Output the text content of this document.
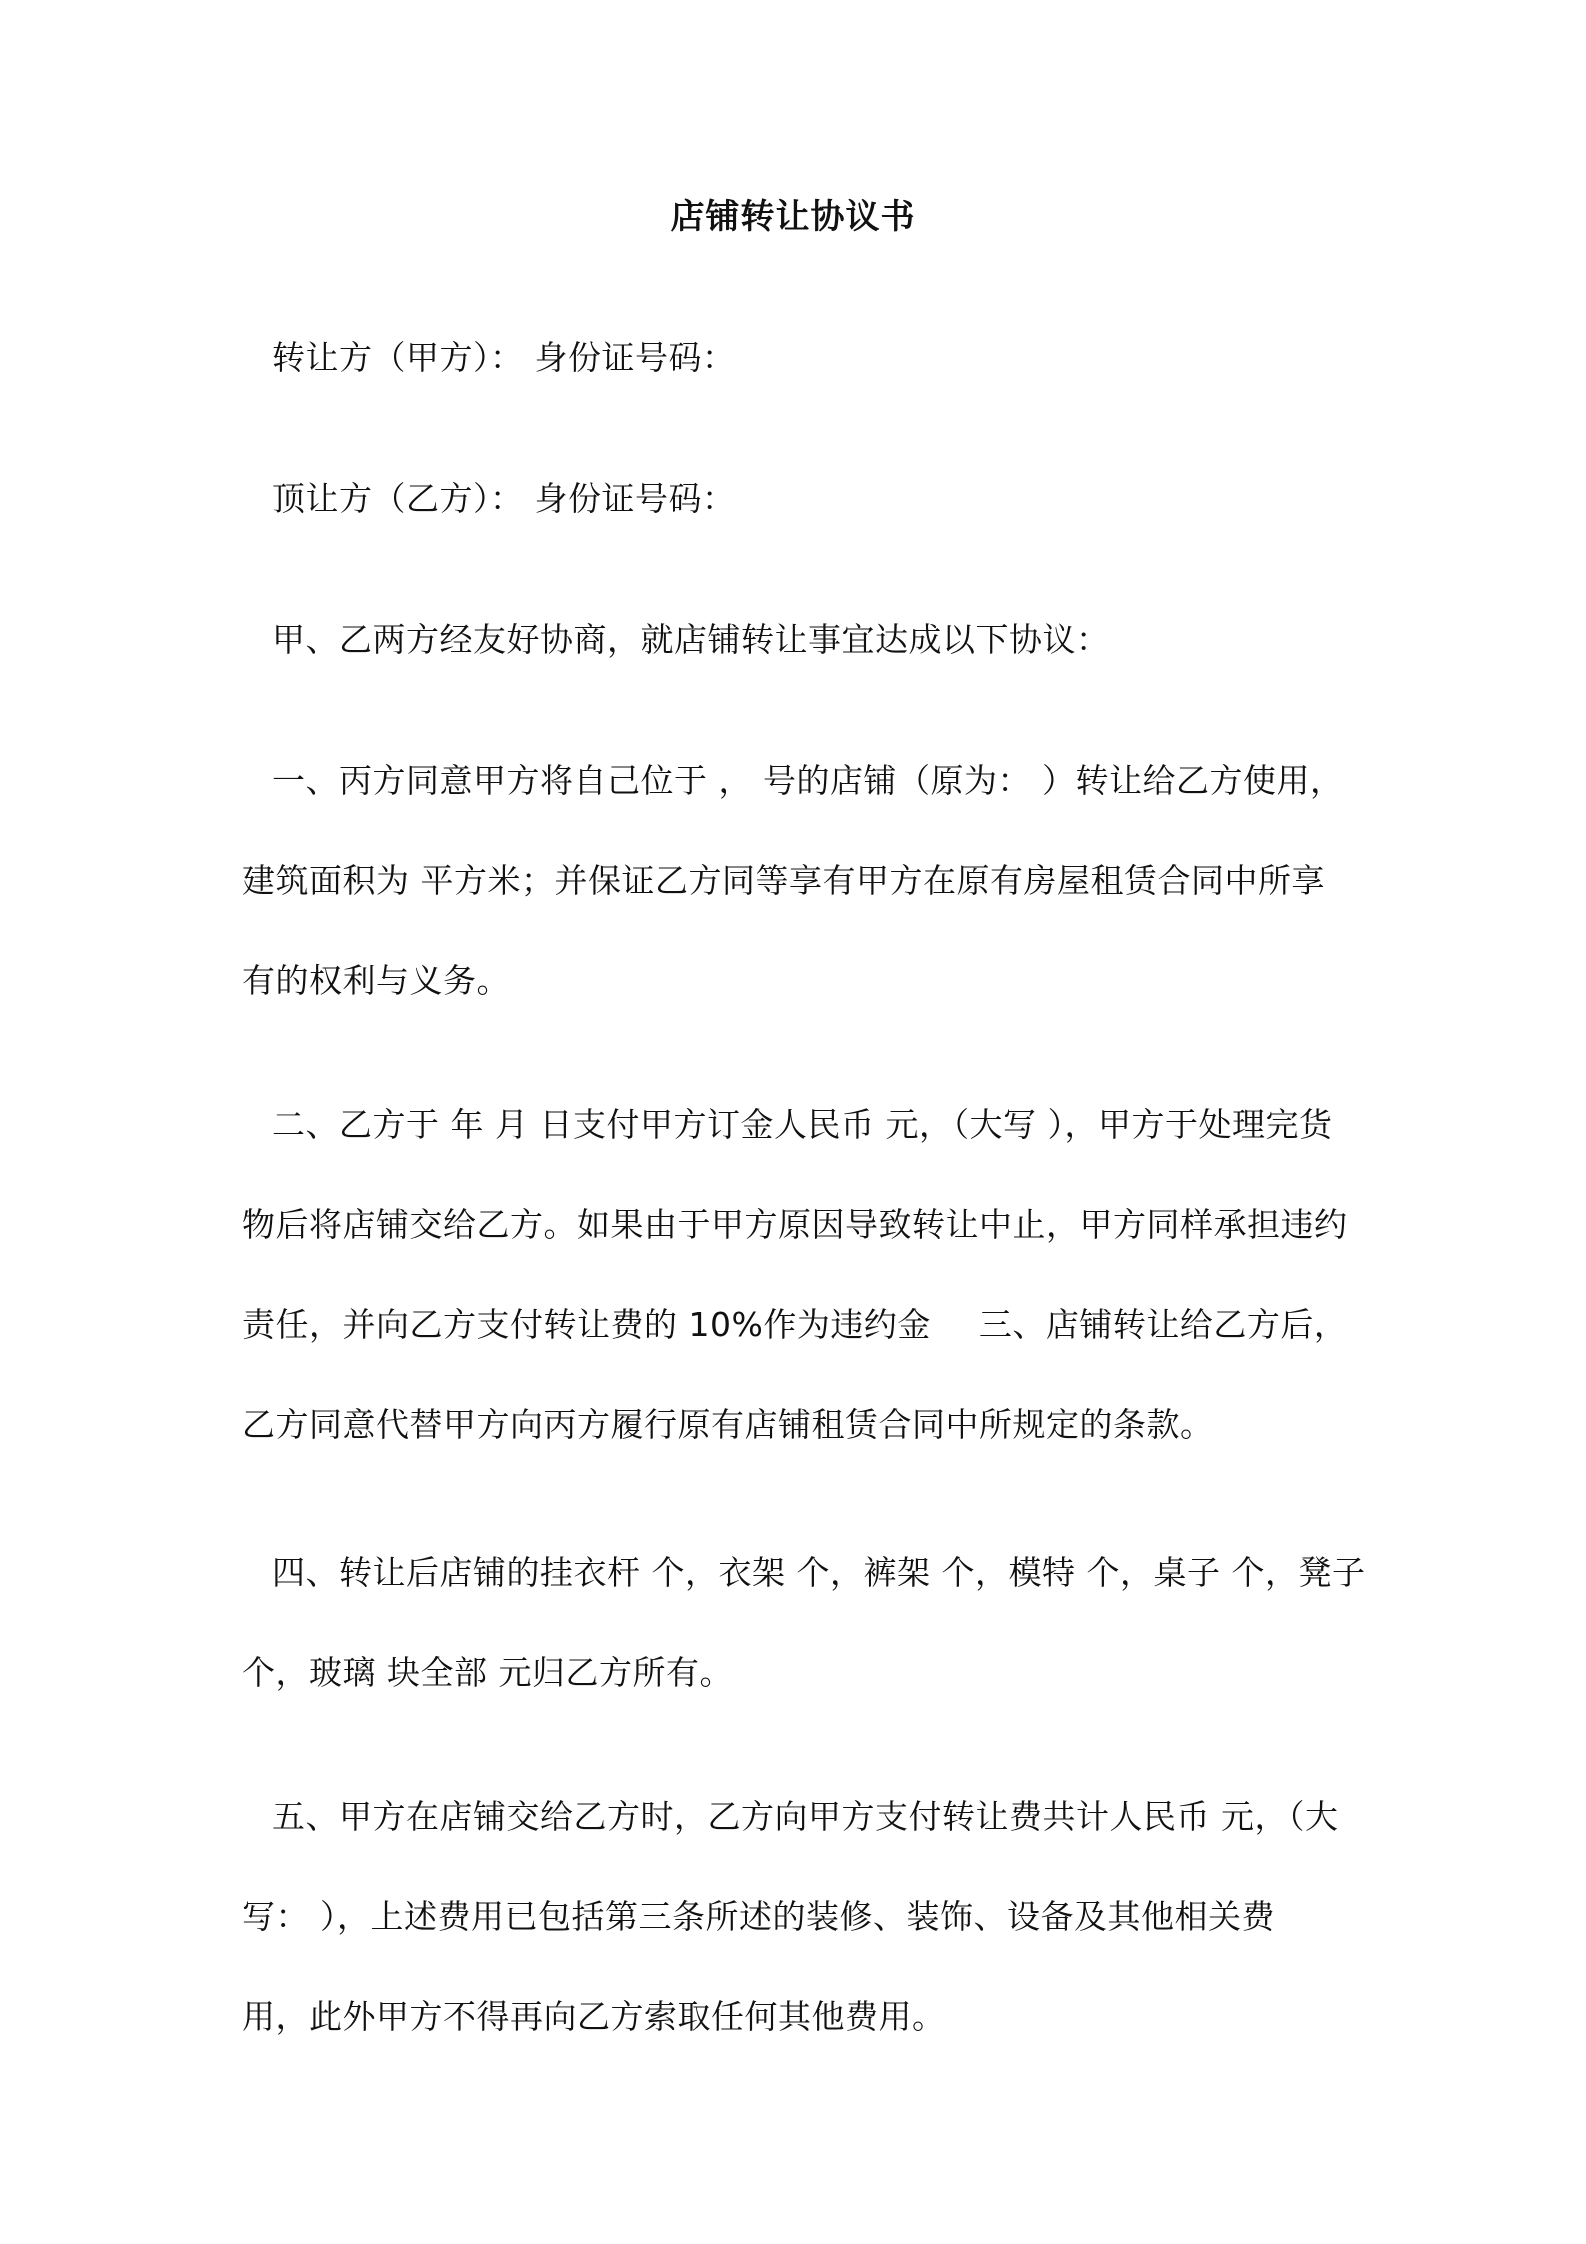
店铺转让协议书
转让方（甲方）： 身份证号码：
顶让方（乙方）： 身份证号码：
甲、乙两方经友好协商，就店铺转让事宜达成以下协议：
一、丙方同意甲方将自己位于 ， 号的店铺（原为： ）转让给乙方使用，
建筑面积为 平方米；并保证乙方同等享有甲方在原有房屋租赁合同中所享
有的权利与义务。
二、乙方于 年 月 日支付甲方订金人民币 元，（大写 ），甲方于处理完货
物后将店铺交给乙方。如果由于甲方原因导致转让中止，甲方同样承担违约
责任，并向乙方支付转让费的 10%作为违约金 三、店铺转让给乙方后，
乙方同意代替甲方向丙方履行原有店铺租赁合同中所规定的条款。
四、转让后店铺的挂衣杆 个，衣架 个，裤架 个，模特 个，桌子 个，凳子
个，玻璃 块全部 元归乙方所有。
五、甲方在店铺交给乙方时，乙方向甲方支付转让费共计人民币 元，（大
写： ），上述费用已包括第三条所述的装修、装饰、设备及其他相关费
用，此外甲方不得再向乙方索取任何其他费用。
